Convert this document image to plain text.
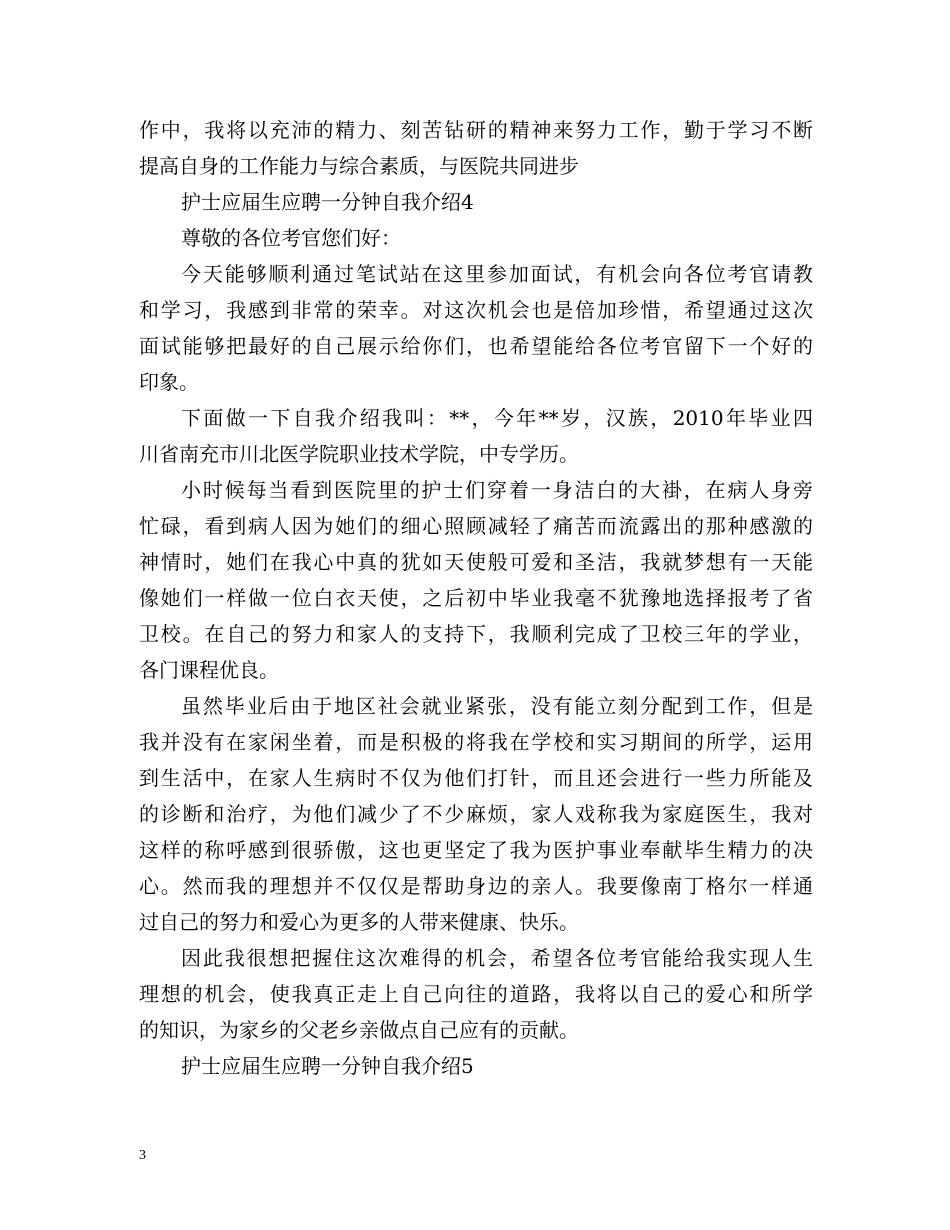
作中，我将以充沛的精力、刻苦钻研的精神来努力工作，勤于学习不断
提高自身的工作能力与综合素质，与医院共同进步
护士应届生应聘一分钟自我介绍4
尊敬的各位考官您们好：
今天能够顺利通过笔试站在这里参加面试，有机会向各位考官请教
和学习，我感到非常的荣幸。对这次机会也是倍加珍惜，希望通过这次
面试能够把最好的自己展示给你们，也希望能给各位考官留下一个好的
印象。
下面做一下自我介绍我叫：**，今年**岁，汉族，2010年毕业四
川省南充市川北医学院职业技术学院，中专学历。
小时候每当看到医院里的护士们穿着一身洁白的大褂，在病人身旁
忙碌，看到病人因为她们的细心照顾减轻了痛苦而流露出的那种感激的
神情时，她们在我心中真的犹如天使般可爱和圣洁，我就梦想有一天能
像她们一样做一位白衣天使，之后初中毕业我毫不犹豫地选择报考了省
卫校。在自己的努力和家人的支持下，我顺利完成了卫校三年的学业，
各门课程优良。
虽然毕业后由于地区社会就业紧张，没有能立刻分配到工作，但是
我并没有在家闲坐着，而是积极的将我在学校和实习期间的所学，运用
到生活中，在家人生病时不仅为他们打针，而且还会进行一些力所能及
的诊断和治疗，为他们减少了不少麻烦，家人戏称我为家庭医生，我对
这样的称呼感到很骄傲，这也更坚定了我为医护事业奉献毕生精力的决
心。然而我的理想并不仅仅是帮助身边的亲人。我要像南丁格尔一样通
过自己的努力和爱心为更多的人带来健康、快乐。
因此我很想把握住这次难得的机会，希望各位考官能给我实现人生
理想的机会，使我真正走上自己向往的道路，我将以自己的爱心和所学
的知识，为家乡的父老乡亲做点自己应有的贡献。
护士应届生应聘一分钟自我介绍5
3
